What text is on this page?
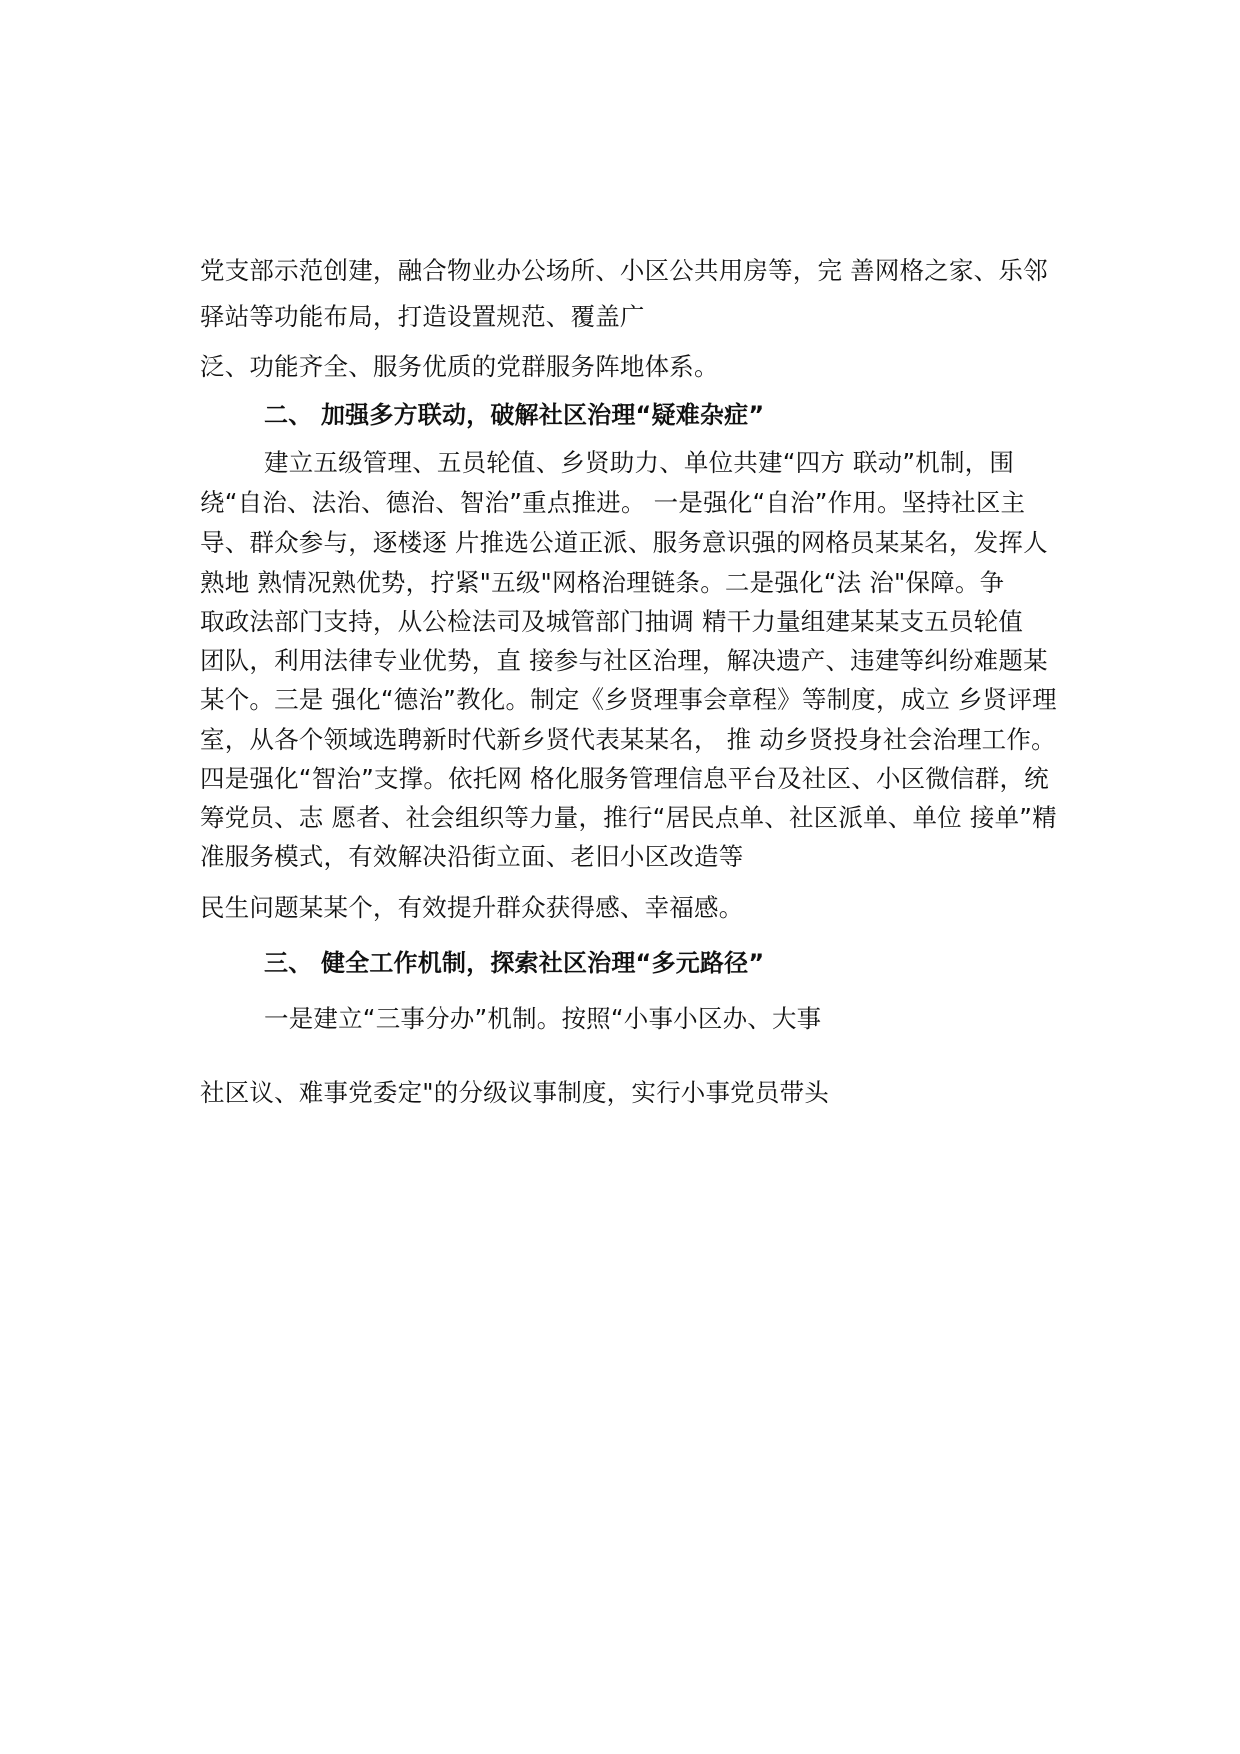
党支部示范创建，融合物业办公场所、小区公共用房等，完 善网格之家、乐邻
驿站等功能布局，打造设置规范、覆盖广
泛、功能齐全、服务优质的党群服务阵地体系。
二、 加强多方联动，破解社区治理“疑难杂症”
建立五级管理、五员轮值、乡贤助力、单位共建“四方 联动”机制，围
绕“自治、法治、德治、智治”重点推进。 一是强化“自治”作用。坚持社区主
导、群众参与，逐楼逐 片推选公道正派、服务意识强的网格员某某名，发挥人
熟地 熟情况熟优势，拧紧"五级"网格治理链条。二是强化“法 治"保障。争
取政法部门支持，从公检法司及城管部门抽调 精干力量组建某某支五员轮值
团队，利用法律专业优势，直 接参与社区治理，解决遗产、违建等纠纷难题某
某个。三是 强化“德治”教化。制定《乡贤理事会章程》等制度，成立 乡贤评理
室，从各个领域选聘新时代新乡贤代表某某名， 推 动乡贤投身社会治理工作。
四是强化“智治”支撑。依托网 格化服务管理信息平台及社区、小区微信群，统
筹党员、志 愿者、社会组织等力量，推行“居民点单、社区派单、单位 接单”精
准服务模式，有效解决沿街立面、老旧小区改造等
民生问题某某个，有效提升群众获得感、幸福感。
三、 健全工作机制，探索社区治理“多元路径”
一是建立“三事分办”机制。按照“小事小区办、大事
社区议、难事党委定"的分级议事制度，实行小事党员带头
